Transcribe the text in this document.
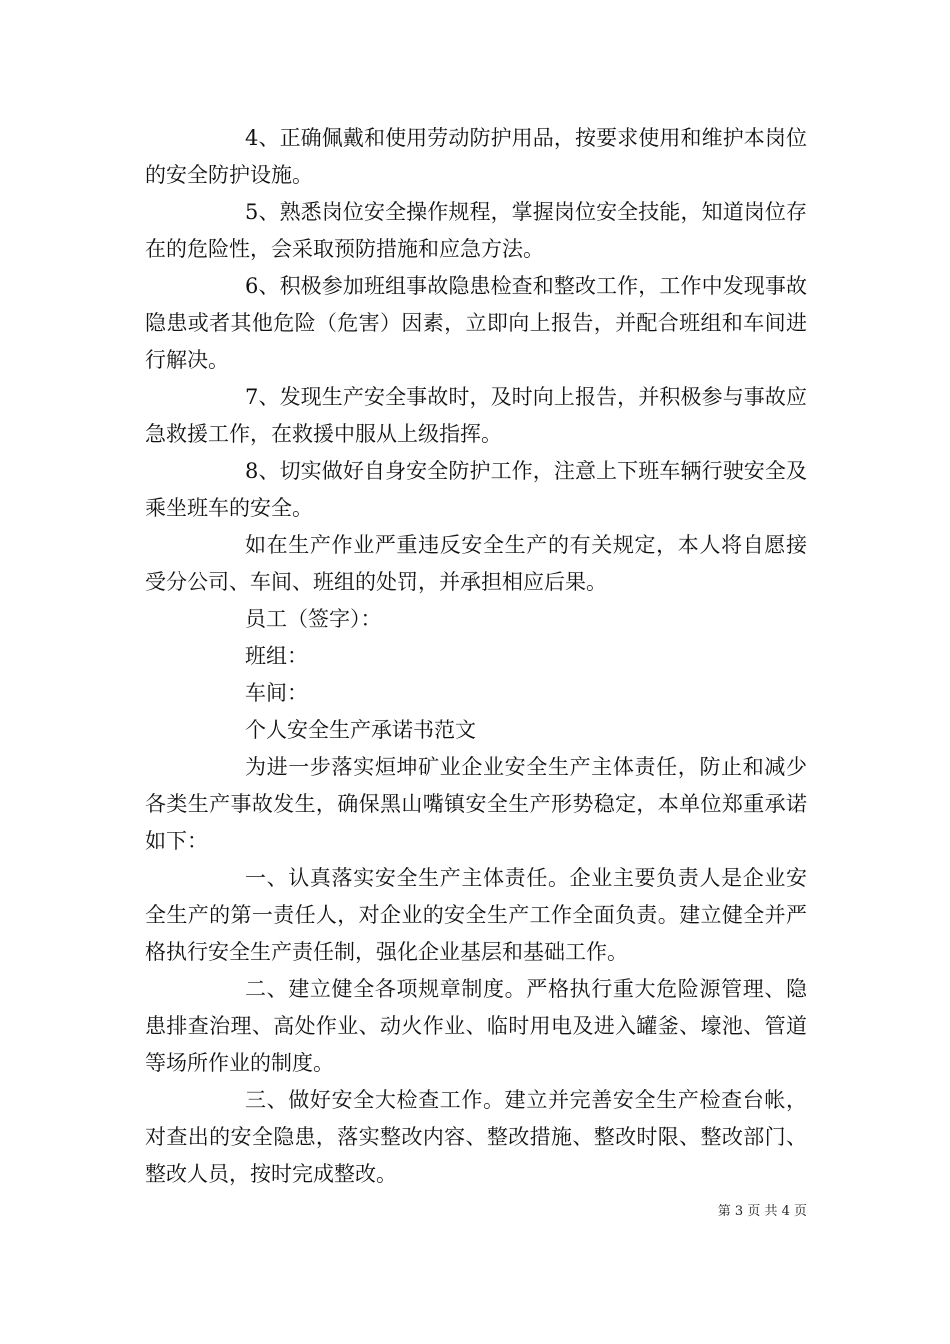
4、正确佩戴和使用劳动防护用品，按要求使用和维护本岗位的安全防护设施。

5、熟悉岗位安全操作规程，掌握岗位安全技能，知道岗位存在的危险性，会采取预防措施和应急方法。

6、积极参加班组事故隐患检查和整改工作，工作中发现事故隐患或者其他危险（危害）因素，立即向上报告，并配合班组和车间进行解决。

7、发现生产安全事故时，及时向上报告，并积极参与事故应急救援工作，在救援中服从上级指挥。

8、切实做好自身安全防护工作，注意上下班车辆行驶安全及乘坐班车的安全。

如在生产作业严重违反安全生产的有关规定，本人将自愿接受分公司、车间、班组的处罚，并承担相应后果。

员工（签字）：

班组：

车间：

个人安全生产承诺书范文

为进一步落实烜坤矿业企业安全生产主体责任，防止和减少各类生产事故发生，确保黑山嘴镇安全生产形势稳定，本单位郑重承诺如下：

一、认真落实安全生产主体责任。企业主要负责人是企业安全生产的第一责任人，对企业的安全生产工作全面负责。建立健全并严格执行安全生产责任制，强化企业基层和基础工作。

二、建立健全各项规章制度。严格执行重大危险源管理、隐患排查治理、高处作业、动火作业、临时用电及进入罐釜、壕池、管道等场所作业的制度。

三、做好安全大检查工作。建立并完善安全生产检查台帐，对查出的安全隐患，落实整改内容、整改措施、整改时限、整改部门、整改人员，按时完成整改。

第 3 页 共 4 页
